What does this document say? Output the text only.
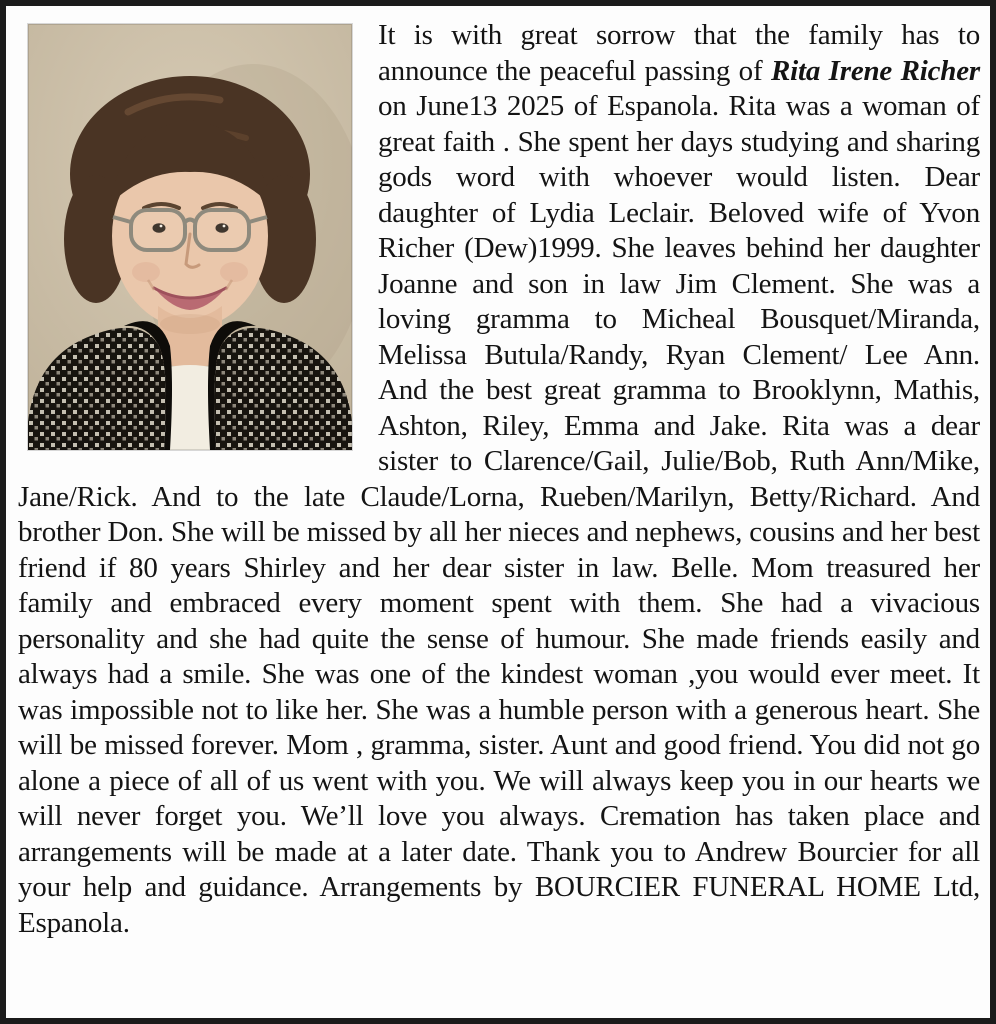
It is with great sorrow that the family has to announce the peaceful passing of Rita Irene Richer on June13 2025 of Espanola. Rita was a woman of great faith . She spent her days studying and sharing gods word with whoever would listen. Dear daughter of Lydia Leclair. Beloved wife of Yvon Richer (Dew)1999. She leaves behind her daughter Joanne and son in law Jim Clement. She was a loving gramma to Micheal Bousquet/Miranda, Melissa Butula/Randy, Ryan Clement/ Lee Ann. And the best great gramma to Brooklynn, Mathis, Ashton, Riley, Emma and Jake. Rita was a dear sister to Clarence/Gail, Julie/Bob, Ruth Ann/Mike, Jane/Rick. And to the late Claude/Lorna, Rueben/Marilyn, Betty/Richard. And brother Don. She will be missed by all her nieces and nephews, cousins and her best friend if 80 years Shirley and her dear sister in law. Belle. Mom treasured her family and embraced every moment spent with them. She had a vivacious personality and she had quite the sense of humour. She made friends easily and always had a smile. She was one of the kindest woman ,you would ever meet. It was impossible not to like her. She was a humble person with a generous heart. She will be missed forever. Mom , gramma, sister. Aunt and good friend. You did not go alone a piece of all of us went with you. We will always keep you in our hearts we will never forget you. We’ll love you always. Cremation has taken place and arrangements will be made at a later date. Thank you to Andrew Bourcier for all your help and guidance. Arrangements by BOURCIER FUNERAL HOME Ltd, Espanola.
